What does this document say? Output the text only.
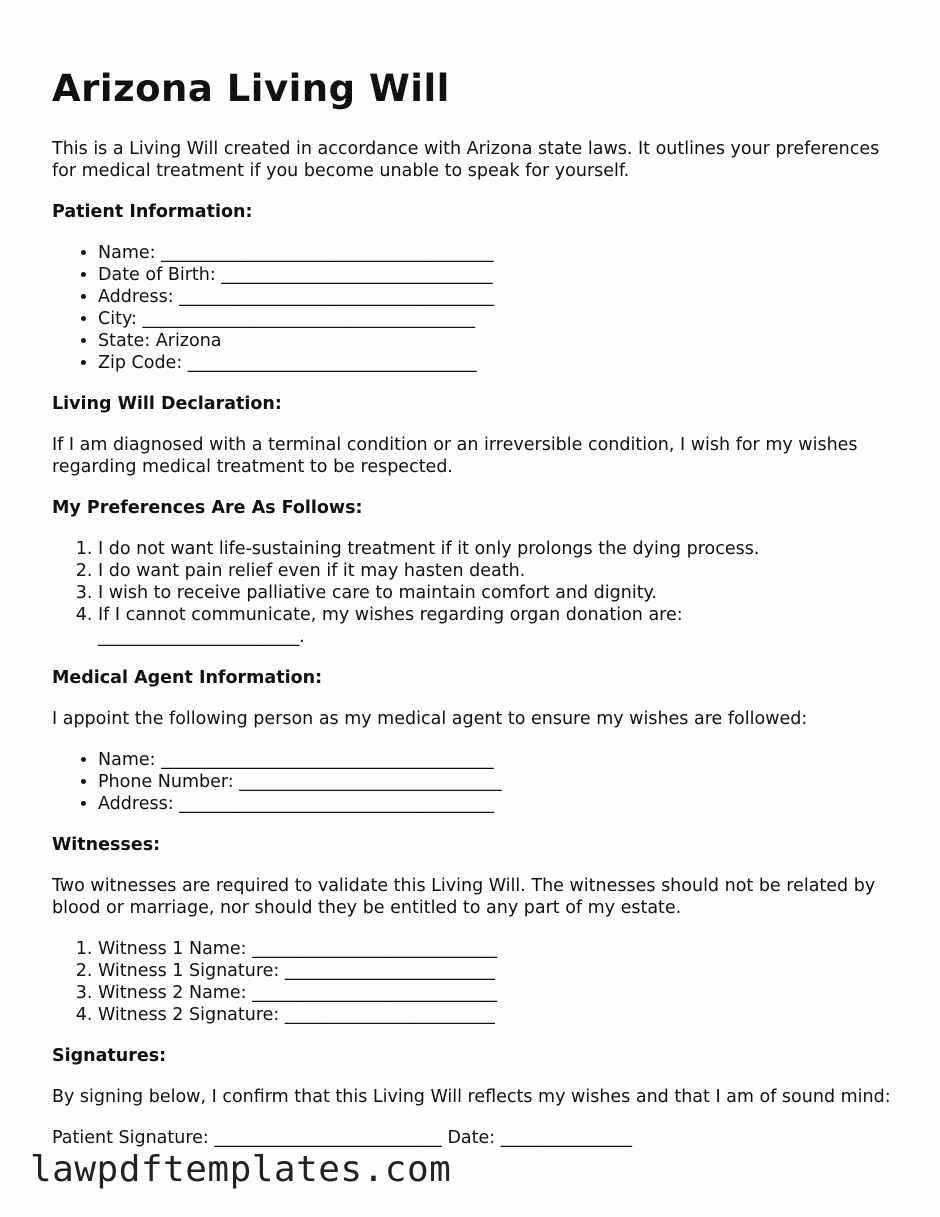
Arizona Living Will

This is a Living Will created in accordance with Arizona state laws. It outlines your preferences for medical treatment if you become unable to speak for yourself.

Patient Information:

• Name: ______________________________________
• Date of Birth: _______________________________
• Address: ____________________________________
• City: ______________________________________
• State: Arizona
• Zip Code: _________________________________

Living Will Declaration:

If I am diagnosed with a terminal condition or an irreversible condition, I wish for my wishes regarding medical treatment to be respected.

My Preferences Are As Follows:

1. I do not want life-sustaining treatment if it only prolongs the dying process.
2. I do want pain relief even if it may hasten death.
3. I wish to receive palliative care to maintain comfort and dignity.
4. If I cannot communicate, my wishes regarding organ donation are: _______________________.

Medical Agent Information:

I appoint the following person as my medical agent to ensure my wishes are followed:

• Name: ______________________________________
• Phone Number: ______________________________
• Address: ____________________________________

Witnesses:

Two witnesses are required to validate this Living Will. The witnesses should not be related by blood or marriage, nor should they be entitled to any part of my estate.

1. Witness 1 Name: ____________________________
2. Witness 1 Signature: ________________________
3. Witness 2 Name: ____________________________
4. Witness 2 Signature: ________________________

Signatures:

By signing below, I confirm that this Living Will reflects my wishes and that I am of sound mind:

Patient Signature: __________________________ Date: _______________

lawpdftemplates.com
